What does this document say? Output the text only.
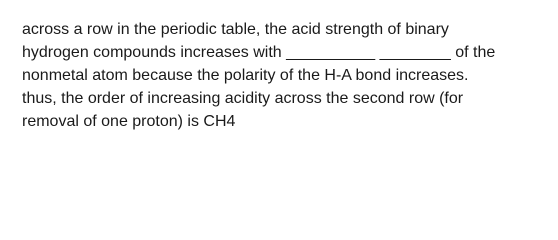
across a row in the periodic table, the acid strength of binary
hydrogen compounds increases with __________ ________ of the
nonmetal atom because the polarity of the H-A bond increases.
thus, the order of increasing acidity across the second row (for
removal of one proton) is CH4
